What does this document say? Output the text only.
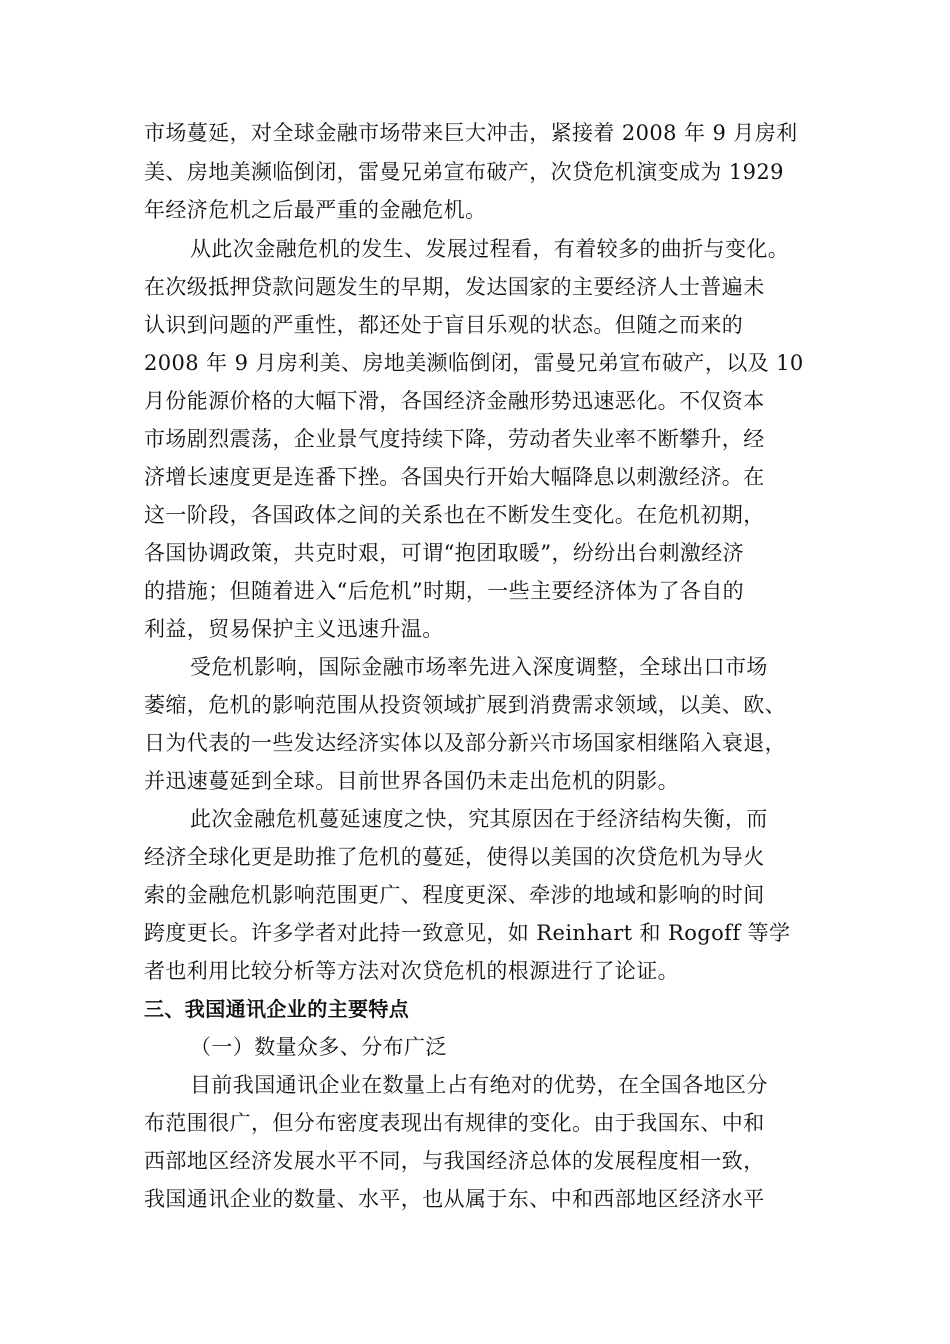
市场蔓延，对全球金融市场带来巨大冲击，紧接着 2008 年 9 月房利
美、房地美濒临倒闭，雷曼兄弟宣布破产，次贷危机演变成为 1929
年经济危机之后最严重的金融危机。
从此次金融危机的发生、发展过程看，有着较多的曲折与变化。
在次级抵押贷款问题发生的早期，发达国家的主要经济人士普遍未
认识到问题的严重性，都还处于盲目乐观的状态。但随之而来的
2008 年 9 月房利美、房地美濒临倒闭，雷曼兄弟宣布破产，以及 10
月份能源价格的大幅下滑，各国经济金融形势迅速恶化。不仅资本
市场剧烈震荡，企业景气度持续下降，劳动者失业率不断攀升，经
济增长速度更是连番下挫。各国央行开始大幅降息以刺激经济。在
这一阶段，各国政体之间的关系也在不断发生变化。在危机初期，
各国协调政策，共克时艰，可谓“抱团取暖”，纷纷出台刺激经济
的措施；但随着进入“后危机”时期，一些主要经济体为了各自的
利益，贸易保护主义迅速升温。
受危机影响，国际金融市场率先进入深度调整，全球出口市场
萎缩，危机的影响范围从投资领域扩展到消费需求领域，以美、欧、
日为代表的一些发达经济实体以及部分新兴市场国家相继陷入衰退，
并迅速蔓延到全球。目前世界各国仍未走出危机的阴影。
此次金融危机蔓延速度之快，究其原因在于经济结构失衡，而
经济全球化更是助推了危机的蔓延，使得以美国的次贷危机为导火
索的金融危机影响范围更广、程度更深、牵涉的地域和影响的时间
跨度更长。许多学者对此持一致意见，如 Reinhart 和 Rogoff 等学
者也利用比较分析等方法对次贷危机的根源进行了论证。
三、我国通讯企业的主要特点
（一）数量众多、分布广泛
目前我国通讯企业在数量上占有绝对的优势，在全国各地区分
布范围很广，但分布密度表现出有规律的变化。由于我国东、中和
西部地区经济发展水平不同，与我国经济总体的发展程度相一致，
我国通讯企业的数量、水平，也从属于东、中和西部地区经济水平
